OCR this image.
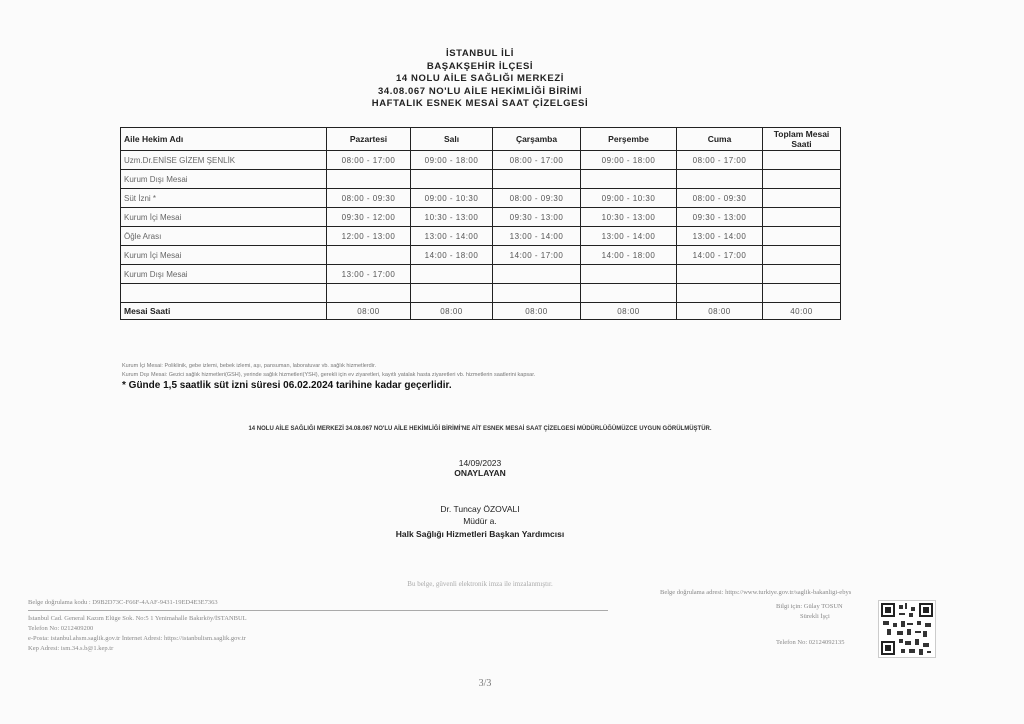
İSTANBUL İLİ
BAŞAKŞEHİR İLÇESİ
14 NOLU AİLE SAĞLIĞI MERKEZİ
34.08.067 NO'LU AİLE HEKİMLİĞİ BİRİMİ
HAFTALIK ESNEK MESAİ SAAT ÇİZELGESİ
Aile Hekim Adı	Pazartesi	Salı	Çarşamba	Perşembe	Cuma	Toplam Mesai Saati
Uzm.Dr.ENİSE GİZEM ŞENLİK	08:00 - 17:00	09:00 - 18:00	08:00 - 17:00	09:00 - 18:00	08:00 - 17:00	
Kurum Dışı Mesai						
Süt İzni *	08:00 - 09:30	09:00 - 10:30	08:00 - 09:30	09:00 - 10:30	08:00 - 09:30	
Kurum İçi Mesai	09:30 - 12:00	10:30 - 13:00	09:30 - 13:00	10:30 - 13:00	09:30 - 13:00	
Öğle Arası	12:00 - 13:00	13:00 - 14:00	13:00 - 14:00	13:00 - 14:00	13:00 - 14:00	
Kurum İçi Mesai		14:00 - 18:00	14:00 - 17:00	14:00 - 18:00	14:00 - 17:00	
Kurum Dışı Mesai	13:00 - 17:00					

Mesai Saati	08:00	08:00	08:00	08:00	08:00	40:00
Kurum İçi Mesai: Poliklinik, gebe izlemi, bebek izlemi, aşı, pansuman, laboratuvar vb. sağlık hizmetlerdir.
Kurum Dışı Mesai: Gezici sağlık hizmetleri(GSH), yerinde sağlık hizmetleri(YSH), gerekli için ev ziyaretleri, kayıtlı yatalak hasta ziyaretleri vb. hizmetlerin saatlerini kapsar.
* Günde 1,5 saatlik süt izni süresi 06.02.2024 tarihine kadar geçerlidir.
14 NOLU AİLE SAĞLIĞI MERKEZİ 34.08.067 NO'LU AİLE HEKİMLİĞİ BİRİMİ'NE AİT ESNEK MESAİ SAAT ÇİZELGESİ MÜDÜRLÜĞÜMÜZCE UYGUN GÖRÜLMÜŞTÜR.
14/09/2023
ONAYLAYAN
Dr. Tuncay ÖZOVALI
Müdür a.
Halk Sağlığı Hizmetleri Başkan Yardımcısı
Bu belge, güvenli elektronik imza ile imzalanmıştır.
Belge doğrulama kodu : D9B2D73C-F66F-4AAF-9431-19ED4E3E7363
İstanbul Cad. General Kazım Elüge Sok. No:5 1 Yenimahalle Bakırköy/İSTANBUL
Telefon No: 0212409200
e-Posta: istanbul.ahsm.saglik.gov.tr İnternet Adresi: https://istanbulism.saglik.gov.tr
Kep Adresi: ism.34.s.b@1.kep.tr
Belge doğrulama adresi: https://www.turkiye.gov.tr/saglik-bakanligi-ebys
Bilgi için: Gülay TOSUN
Sürekli İşçi
Telefon No: 02124092135
3/3
